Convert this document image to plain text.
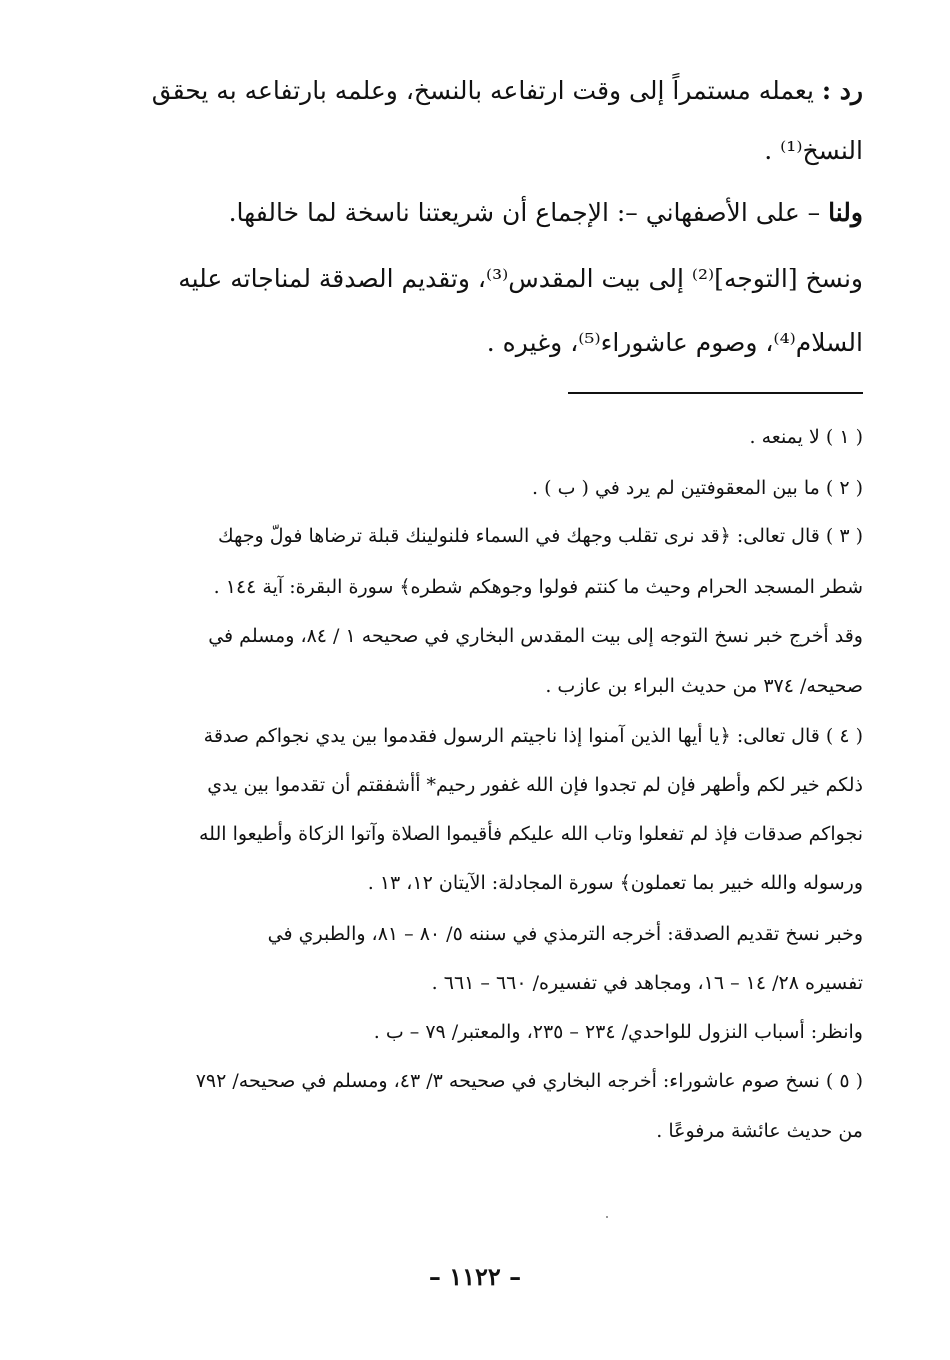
رد : يعمله مستمراً إلى وقت ارتفاعه بالنسخ، وعلمه بارتفاعه به يحقق
النسخ⁽¹⁾ .
ولنا – على الأصفهاني –: الإجماع أن شريعتنا ناسخة لما خالفها.
ونسخ [التوجه]⁽²⁾ إلى بيت المقدس⁽³⁾، وتقديم الصدقة لمناجاته عليه
السلام⁽⁴⁾، وصوم عاشوراء⁽⁵⁾، وغيره .
( ١ ) لا يمنعه .
( ٢ ) ما بين المعقوفتين لم يرد في ( ب ) .
( ٣ ) قال تعالى: ﴿قد نرى تقلب وجهك في السماء فلنولينك قبلة ترضاها فولّ وجهك
شطر المسجد الحرام وحيث ما كنتم فولوا وجوهكم شطره﴾ سورة البقرة: آية ١٤٤ .
وقد أخرج خبر نسخ التوجه إلى بيت المقدس البخاري في صحيحه ١ / ٨٤، ومسلم في
صحيحه/ ٣٧٤ من حديث البراء بن عازب .
( ٤ ) قال تعالى: ﴿يا أيها الذين آمنوا إذا ناجيتم الرسول فقدموا بين يدي نجواكم صدقة
ذلكم خير لكم وأطهر فإن لم تجدوا فإن الله غفور رحيم* أأشفقتم أن تقدموا بين يدي
نجواكم صدقات فإذ لم تفعلوا وتاب الله عليكم فأقيموا الصلاة وآتوا الزكاة وأطيعوا الله
ورسوله والله خبير بما تعملون﴾ سورة المجادلة: الآيتان ١٢، ١٣ .
وخبر نسخ تقديم الصدقة: أخرجه الترمذي في سننه ٥/ ٨٠ – ٨١، والطبري في
تفسيره ٢٨/ ١٤ – ١٦، ومجاهد في تفسيره/ ٦٦٠ – ٦٦١ .
وانظر: أسباب النزول للواحدي/ ٢٣٤ – ٢٣٥، والمعتبر/ ٧٩ – ب .
( ٥ ) نسخ صوم عاشوراء: أخرجه البخاري في صحيحه ٣/ ٤٣، ومسلم في صحيحه/ ٧٩٢
من حديث عائشة مرفوعًا .
– ١١٢٢ –
